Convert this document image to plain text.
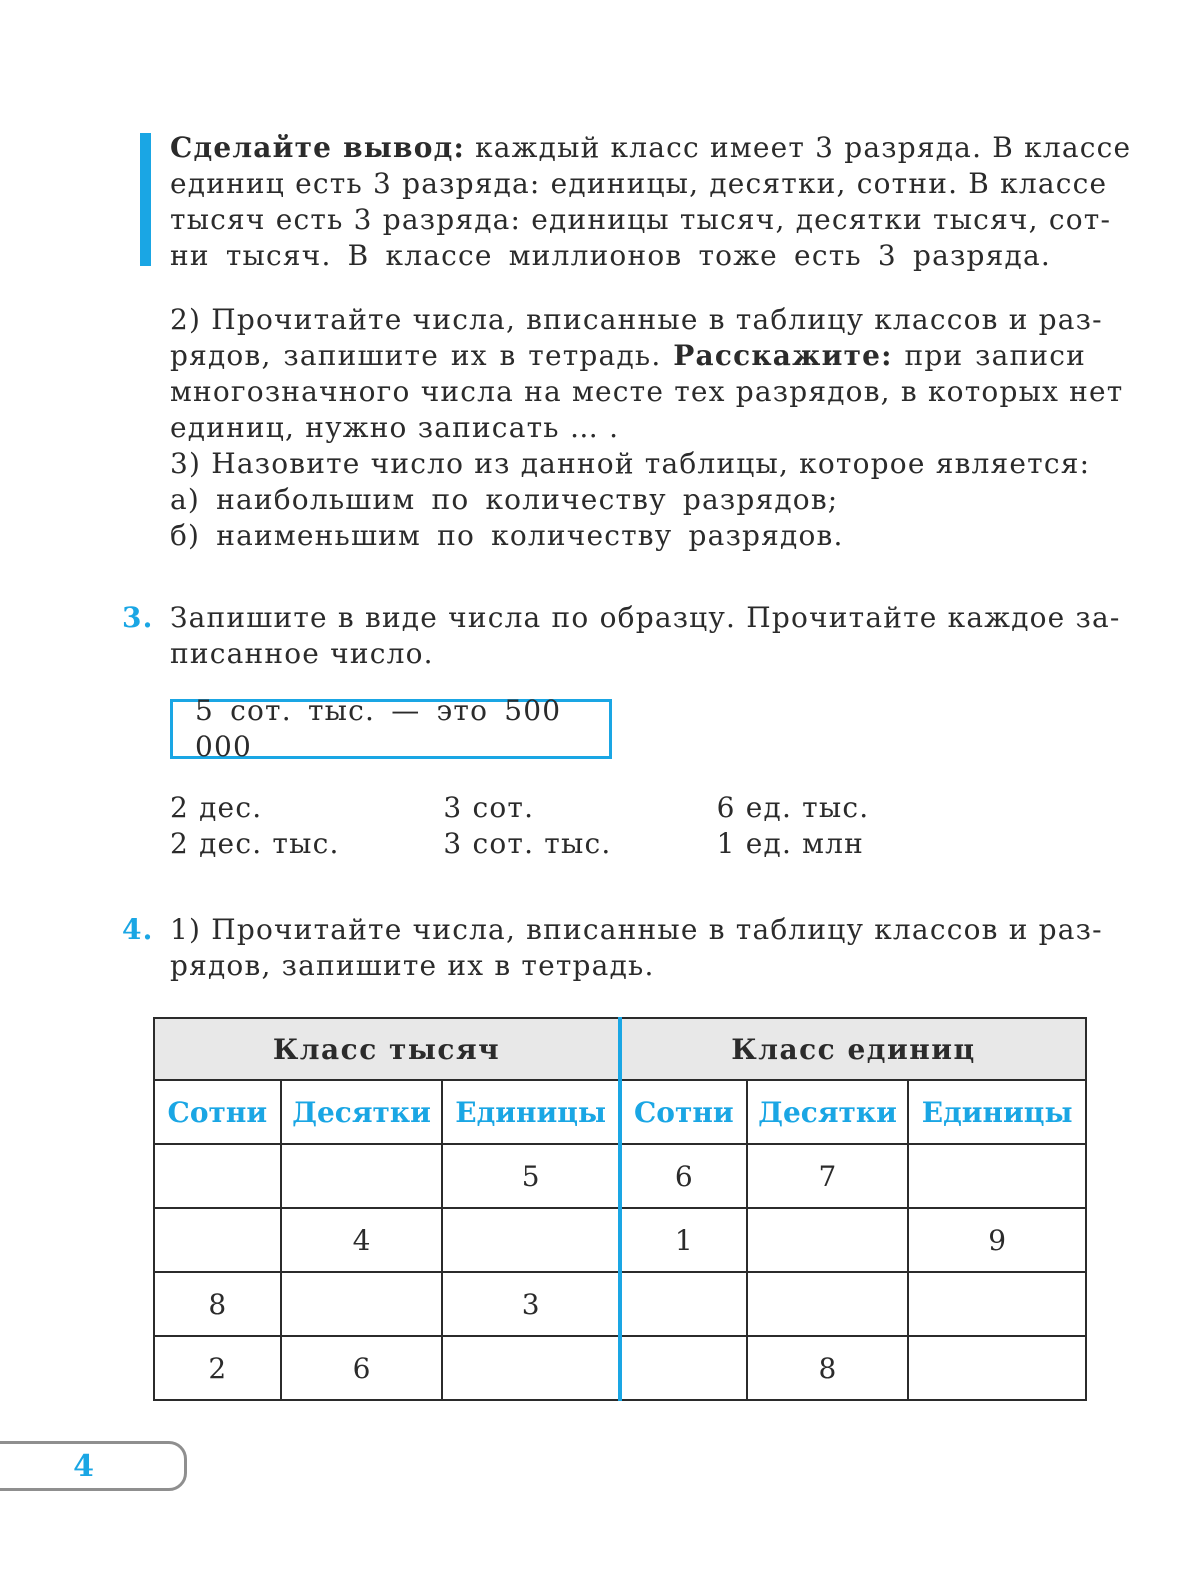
Сделайте вывод: каждый класс имеет 3 разряда. В классе
единиц есть 3 разряда: единицы, десятки, сотни. В классе
тысяч есть 3 разряда: единицы тысяч, десятки тысяч, сот-
ни тысяч. В классе миллионов тоже есть 3 разряда.
2) Прочитайте числа, вписанные в таблицу классов и раз-
рядов, запишите их в тетрадь. Расскажите: при записи
многозначного числа на месте тех разрядов, в которых нет
единиц, нужно записать … .
3) Назовите число из данной таблицы, которое является:
а) наибольшим по количеству разрядов;
б) наименьшим по количеству разрядов.
3. Запишите в виде числа по образцу. Прочитайте каждое за-
писанное число.
5 сот. тыс. — это 500 000
2 дес.	3 сот.	6 ед. тыс.
2 дес. тыс.	3 сот. тыс.	1 ед. млн
4. 1) Прочитайте числа, вписанные в таблицу классов и раз-
рядов, запишите их в тетрадь.
Класс тысяч			Класс единиц		
Сотни	Десятки	Единицы	Сотни	Десятки	Единицы
		5	6	7	
	4		1		9
8		3			
2	6			8	
4
